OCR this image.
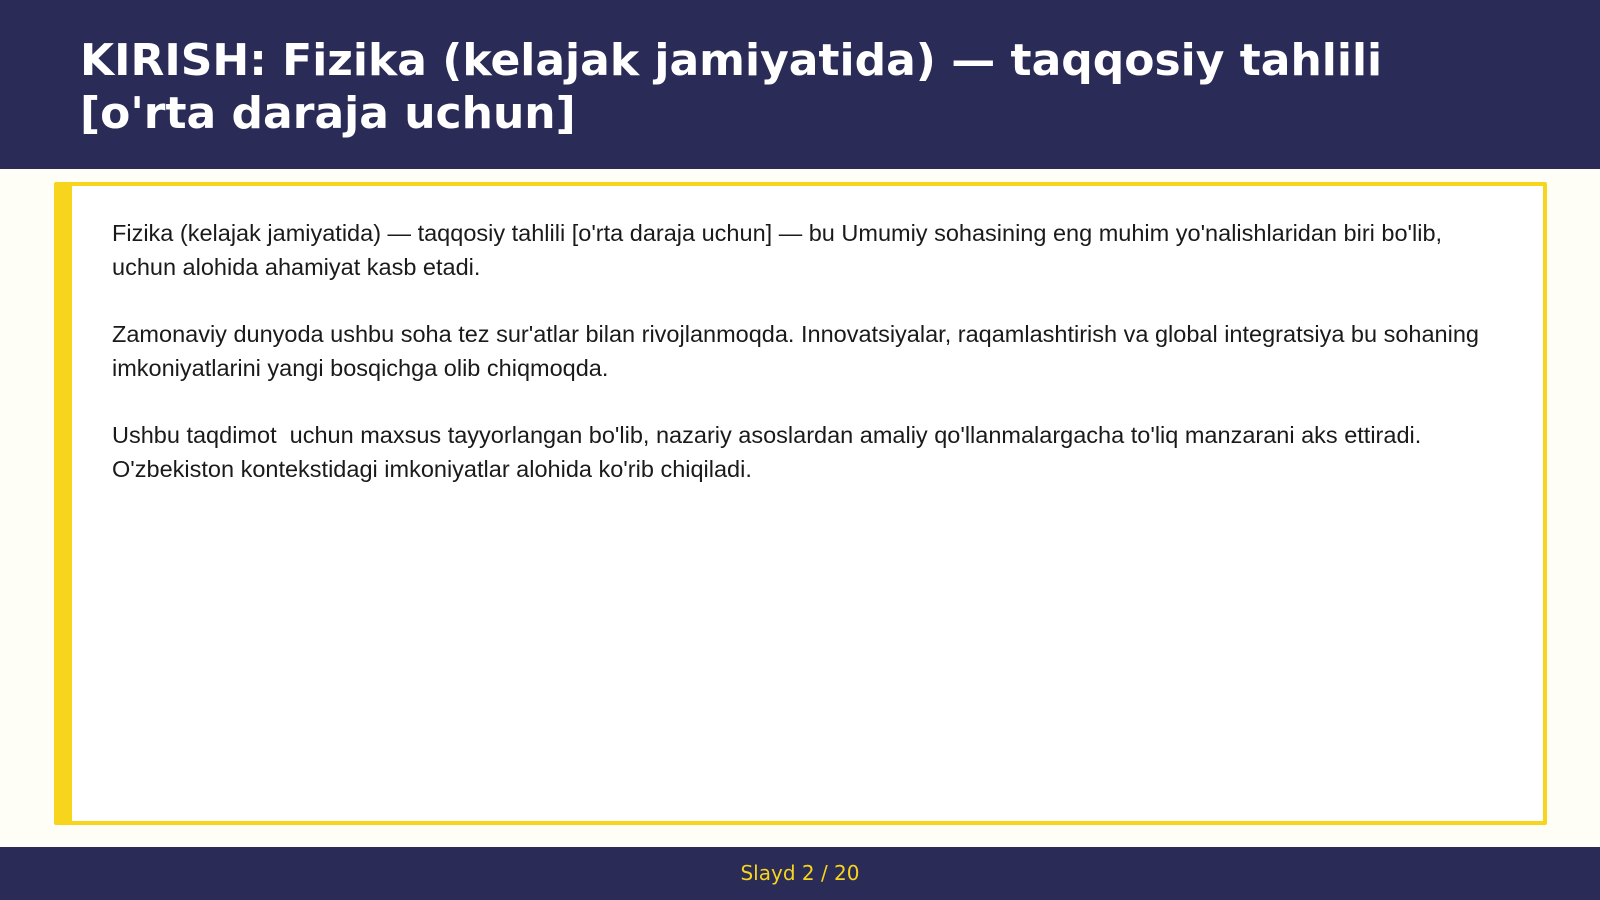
KIRISH: Fizika (kelajak jamiyatida) — taqqosiy tahlili [o'rta daraja uchun]

Fizika (kelajak jamiyatida) — taqqosiy tahlili [o'rta daraja uchun] — bu Umumiy sohasining eng muhim yo'nalishlaridan biri bo'lib,  uchun alohida ahamiyat kasb etadi.

Zamonaviy dunyoda ushbu soha tez sur'atlar bilan rivojlanmoqda. Innovatsiyalar, raqamlashtirish va global integratsiya bu sohaning imkoniyatlarini yangi bosqichga olib chiqmoqda.

Ushbu taqdimot  uchun maxsus tayyorlangan bo'lib, nazariy asoslardan amaliy qo'llanmalargacha to'liq manzarani aks ettiradi. O'zbekiston kontekstidagi imkoniyatlar alohida ko'rib chiqiladi.

Slayd 2 / 20
